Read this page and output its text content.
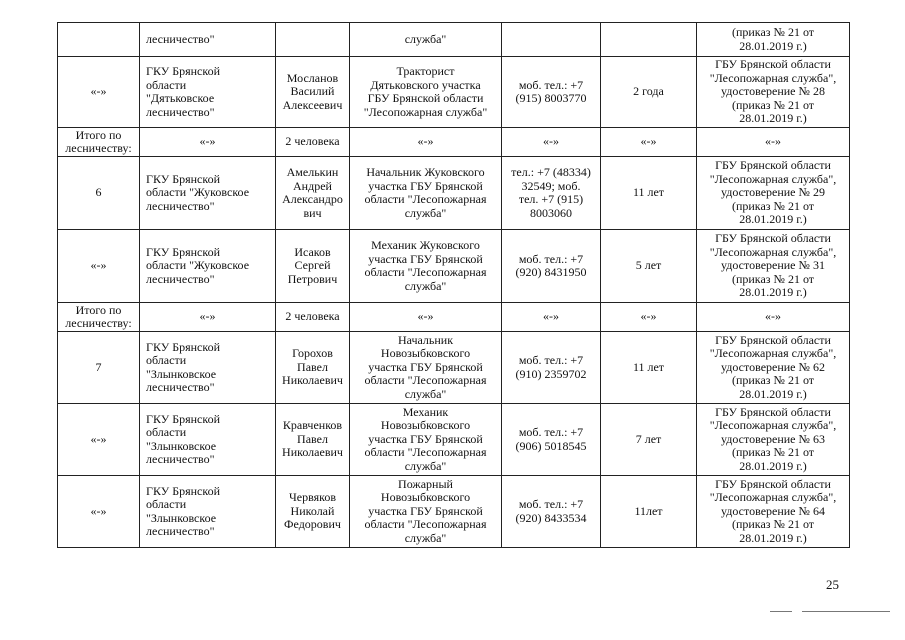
	лесничество"		служба"			(приказ № 21 от
28.01.2019 г.)
«-»	ГКУ Брянской
области
"Дятьковское
лесничество"	Мосланов
Василий
Алексеевич	Тракторист
Дятьковского участка
ГБУ Брянской области
"Лесопожарная служба"	моб. тел.: +7
(915) 8003770	2 года	ГБУ Брянской области
"Лесопожарная служба",
удостоверение № 28
(приказ № 21 от
28.01.2019 г.)
Итого по
лесничеству:	«-»	2 человека	«-»	«-»	«-»	«-»
6	ГКУ Брянской
области "Жуковское
лесничество"	Амелькин
Андрей
Александро
вич	Начальник Жуковского
участка ГБУ Брянской
области "Лесопожарная
служба"	тел.: +7 (48334)
32549; моб.
тел. +7 (915)
8003060	11 лет	ГБУ Брянской области
"Лесопожарная служба",
удостоверение № 29
(приказ № 21 от
28.01.2019 г.)
«-»	ГКУ Брянской
области "Жуковское
лесничество"	Исаков
Сергей
Петрович	Механик Жуковского
участка ГБУ Брянской
области "Лесопожарная
служба"	моб. тел.: +7
(920) 8431950	5 лет	ГБУ Брянской области
"Лесопожарная служба",
удостоверение № 31
(приказ № 21 от
28.01.2019 г.)
Итого по
лесничеству:	«-»	2 человека	«-»	«-»	«-»	«-»
7	ГКУ Брянской
области
"Злынковское
лесничество"	Горохов
Павел
Николаевич	Начальник
Новозыбковского
участка ГБУ Брянской
области "Лесопожарная
служба"	моб. тел.: +7
(910) 2359702	11 лет	ГБУ Брянской области
"Лесопожарная служба",
удостоверение № 62
(приказ № 21 от
28.01.2019 г.)
«-»	ГКУ Брянской
области
"Злынковское
лесничество"	Кравченков
Павел
Николаевич	Механик
Новозыбковского
участка ГБУ Брянской
области "Лесопожарная
служба"	моб. тел.: +7
(906) 5018545	7 лет	ГБУ Брянской области
"Лесопожарная служба",
удостоверение № 63
(приказ № 21 от
28.01.2019 г.)
«-»	ГКУ Брянской
области
"Злынковское
лесничество"	Червяков
Николай
Федорович	Пожарный
Новозыбковского
участка ГБУ Брянской
области "Лесопожарная
служба"	моб. тел.: +7
(920) 8433534	11лет	ГБУ Брянской области
"Лесопожарная служба",
удостоверение № 64
(приказ № 21 от
28.01.2019 г.)
25
